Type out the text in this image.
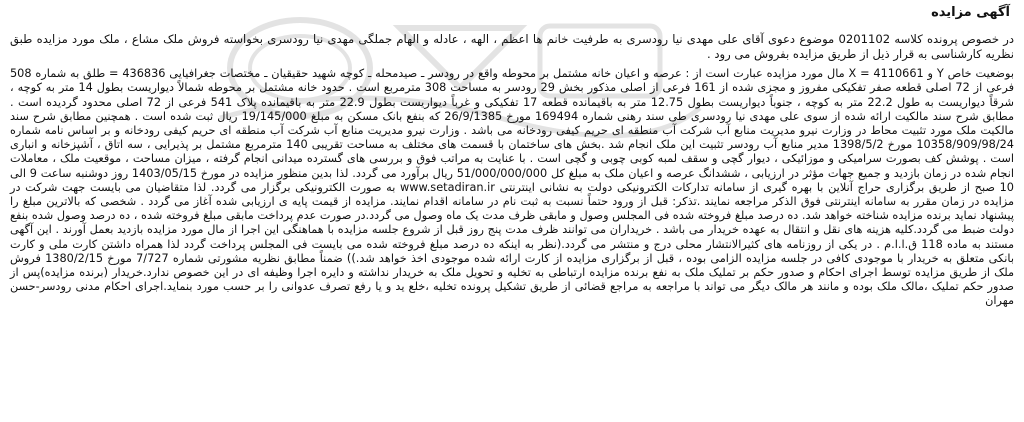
آگهی مزایده

در خصوص پرونده کلاسه 0201102 موضوع دعوی آقای علی مهدی نیا رودسری به طرفیت خانم ها اعظم ، الهه ، عادله و الهام جملگی مهدی نیا رودسری بخواسته فروش ملک مشاع ، ملک مورد مزایده طبق نظریه کارشناسی به قرار ذیل از طریق مزایده بفروش می رود .

بوضعیت خاص Y و 4110661 = X مال مورد مزایده عبارت است از : عرصه و اعیان خانه مشتمل بر محوطه واقع در رودسر ـ صیدمحله ـ کوچه شهید حقیقیان ـ مختصات جغرافیایی 436836 = طلق به شماره 508 فرعی از 72 اصلی قطعه صفر تفکیکی مفروز و مجزی شده از 161 فرعی از اصلی مذکور بخش 29 رودسر به مساحت 308 مترمربع است . حدود خانه مشتمل بر محوطه شمالاً دیواریست بطول 14 متر به کوچه ، شرقاً دیواریست به طول 22.2 متر به کوچه ، جنوباً دیواریست بطول 12.75 متر به باقیمانده قطعه 17 تفکیکی و غرباً دیواریست بطول 22.9 متر به باقیمانده پلاک 541 فرعی از 72 اصلی محدود گردیده است . مطابق شرح سند مالکیت ارائه شده از سوی علی مهدی نیا رودسری طی سند رهنی شماره 169494 مورخ 26/9/1385 که بنفع بانک مسکن به مبلغ 19/145/000 ریال ثبت شده است . همچنین مطابق شرح سند مالکیت ملک مورد تثبیت محاط در وزارت نیرو مدیریت منابع آب شرکت آب منطقه ای حریم کیفی رودخانه می باشد . وزارت نیرو مدیریت منابع آب شرکت آب منطقه ای حریم کیفی رودخانه و بر اساس نامه شماره 10358/909/98/24 مورخ 1398/5/2 مدیر منابع آب رودسر تثبیت این ملک انجام شد .بخش های ساختمان با قسمت های مختلف به مساحت تقریبی 140 مترمربع مشتمل بر پذیرایی ، سه اتاق ، آشپزخانه و انباری است . پوشش کف بصورت سرامیکی و موزائیکی ، دیوار گچی و سقف لمبه کوبی چوبی و گچی است . با عنایت به مراتب فوق و بررسی های گسترده میدانی انجام گرفته ، میزان مساحت ، موقعیت ملک ، معاملات انجام شده در زمان بازدید و جمیع جهات مؤثر در ارزیابی ، ششدانگ عرصه و اعیان ملک به مبلغ کل 51/000/000/000 ریال برآورد می گردد. لذا بدین منظور مزایده در مورخ 1403/05/15 روز دوشنبه ساعت 9 الی 10 صبح از طریق برگزاری حراج آنلاین با بهره گیری از سامانه تدارکات الکترونیکی دولت به نشانی اینترنتی www.setadiran.ir به صورت الکترونیکی برگزار می گردد. لذا متقاضیان می بایست جهت شرکت در مزایده در زمان مقرر به سامانه اینترنتی فوق الذکر مراجعه نمایند .تذکر: قبل از ورود حتماً نسبت به ثبت نام در سامانه اقدام نمایند. مزایده از قیمت پایه ی ارزیابی شده آغاز می گردد . شخصی که بالاترین مبلغ را پیشنهاد نماید برنده مزایده شناخته خواهد شد. ده درصد مبلغ فروخته شده فی المجلس وصول و مابقی ظرف مدت یک ماه وصول می گردد.در صورت عدم پرداخت مابقی مبلغ فروخته شده ، ده درصد وصول شده بنفع دولت ضبط می گردد.کلیه هزینه های نقل و انتقال به عهده خریدار می باشد . خریداران می توانند ظرف مدت پنج روز قبل از شروع جلسه مزایده با هماهنگی این اجرا از مال مورد مزایده بازدید بعمل آورند . این آگهی مستند به ماده 118 ق.ا.ا.م . در یکی از روزنامه های کثیرالانتشار محلی درج و منتشر می گردد.(نظر به اینکه ده درصد مبلغ فروخته شده می بایست فی المجلس پرداخت گردد لذا همراه داشتن کارت ملی و کارت بانکی متعلق به خریدار با موجودی کافی در جلسه مزایده الزامی بوده ، قبل از برگزاری مزایده از کارت ارائه شده موجودی اخذ خواهد شد.)) ضمناً مطابق نظریه مشورتی شماره 7/727 مورخ 1380/2/15 فروش ملک از طریق مزایده توسط اجرای احکام و صدور حکم بر تملیک ملک به نفع برنده مزایده ارتباطی به تخلیه و تحویل ملک به خریدار نداشته و دایره اجرا وظیفه ای در این خصوص ندارد.خریدار (برنده مزایده)پس از صدور حکم تملیک ،مالک ملک بوده و مانند هر مالک دیگر می تواند با مراجعه به مراجع قضائی از طریق تشکیل پرونده تخلیه ،خلع ید و یا رفع تصرف عدوانی را بر حسب مورد بنماید.اجرای احکام مدنی رودسر-حسن مهران
